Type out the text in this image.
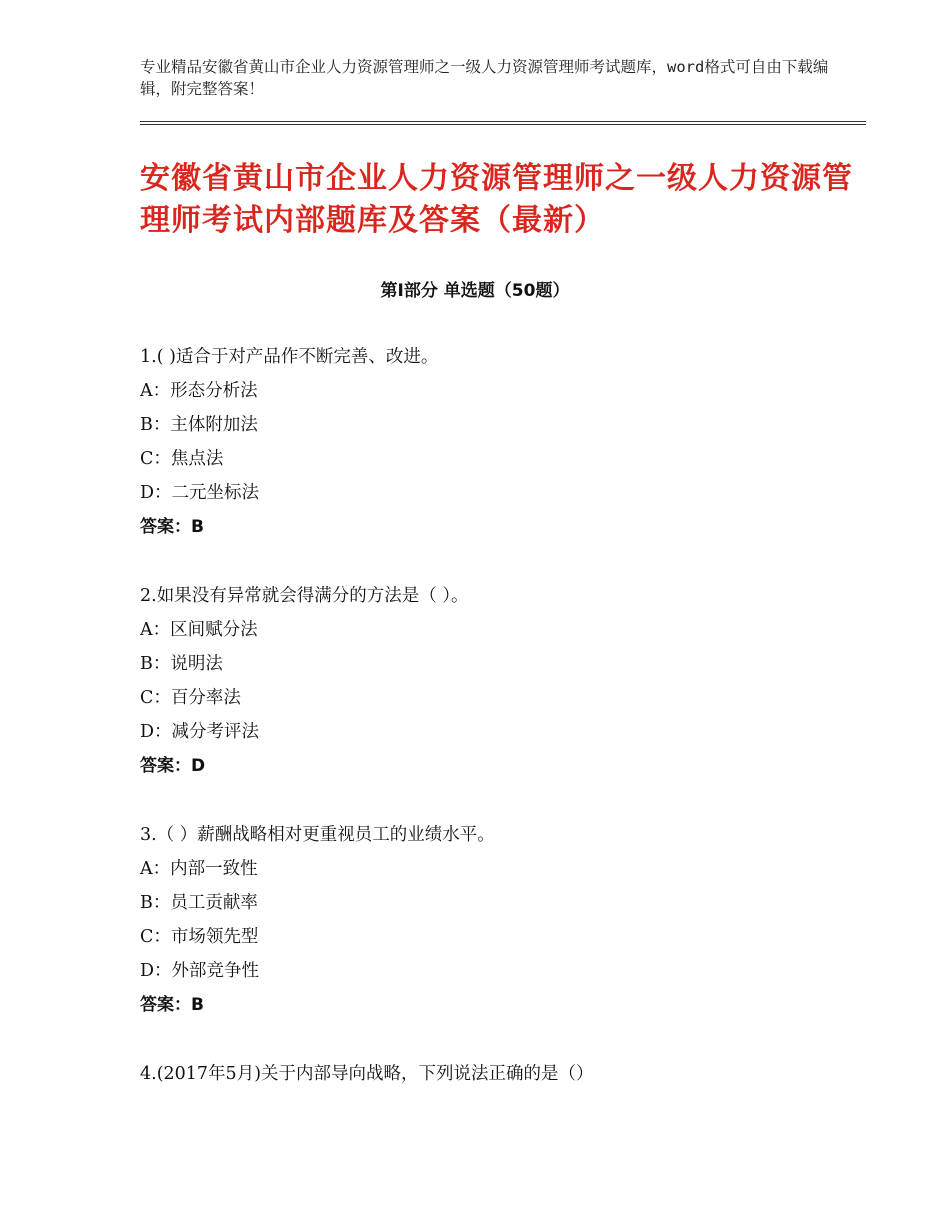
专业精品安徽省黄山市企业人力资源管理师之一级人力资源管理师考试题库，word格式可自由下载编辑，附完整答案！
安徽省黄山市企业人力资源管理师之一级人力资源管理师考试内部题库及答案（最新）
第Ⅰ部分 单选题（50题）
1.( )适合于对产品作不断完善、改进。
A：形态分析法
B：主体附加法
C：焦点法
D：二元坐标法
答案：B
2.如果没有异常就会得满分的方法是（ ）。
A：区间赋分法
B：说明法
C：百分率法
D：减分考评法
答案：D
3.（ ）薪酬战略相对更重视员工的业绩水平。
A：内部一致性
B：员工贡献率
C：市场领先型
D：外部竞争性
答案：B
4.(2017年5月)关于内部导向战略，下列说法正确的是（）
